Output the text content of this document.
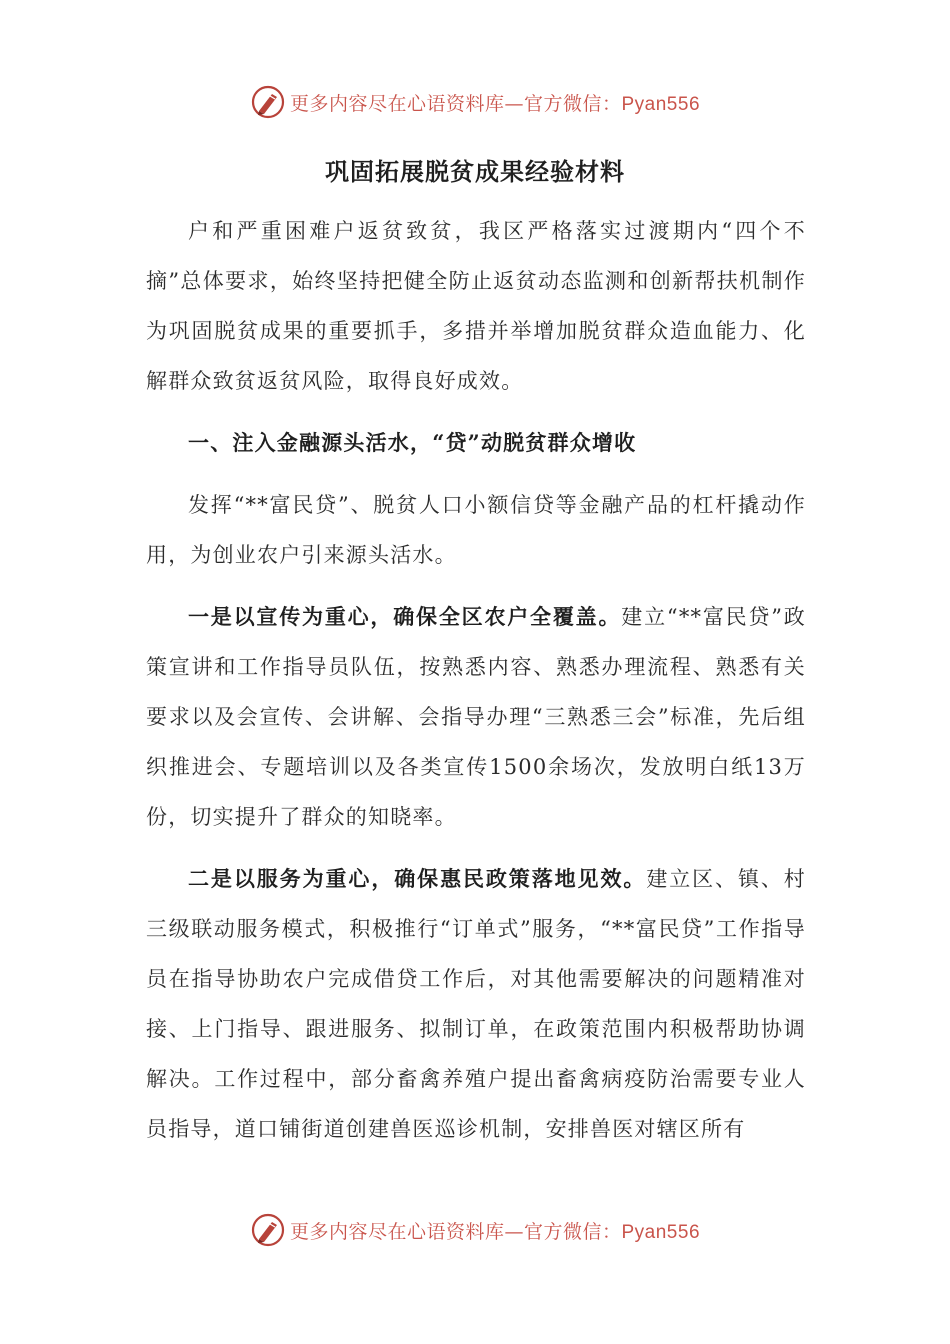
更多内容尽在心语资料库—官方微信：Pyan556
巩固拓展脱贫成果经验材料

户和严重困难户返贫致贫，我区严格落实过渡期内“四个不摘”总体要求，始终坚持把健全防止返贫动态监测和创新帮扶机制作为巩固脱贫成果的重要抓手，多措并举增加脱贫群众造血能力、化解群众致贫返贫风险，取得良好成效。

一、注入金融源头活水，“贷”动脱贫群众增收

发挥“**富民贷”、脱贫人口小额信贷等金融产品的杠杆撬动作用，为创业农户引来源头活水。

一是以宣传为重心，确保全区农户全覆盖。建立“**富民贷”政策宣讲和工作指导员队伍，按熟悉内容、熟悉办理流程、熟悉有关要求以及会宣传、会讲解、会指导办理“三熟悉三会”标准，先后组织推进会、专题培训以及各类宣传1500余场次，发放明白纸13万份，切实提升了群众的知晓率。

二是以服务为重心，确保惠民政策落地见效。建立区、镇、村三级联动服务模式，积极推行“订单式”服务，“**富民贷”工作指导员在指导协助农户完成借贷工作后，对其他需要解决的问题精准对接、上门指导、跟进服务、拟制订单，在政策范围内积极帮助协调解决。工作过程中，部分畜禽养殖户提出畜禽病疫防治需要专业人员指导，道口铺街道创建兽医巡诊机制，安排兽医对辖区所有

更多内容尽在心语资料库—官方微信：Pyan556
